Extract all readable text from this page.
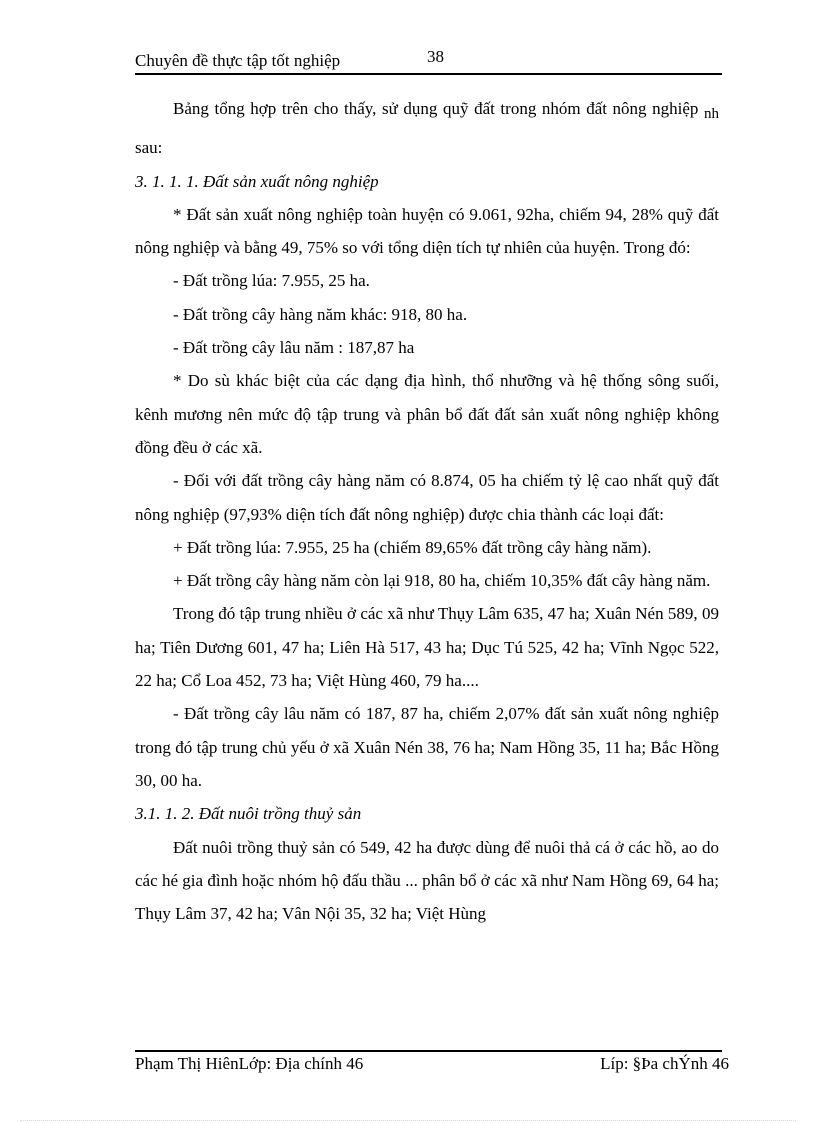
Chuyên đề thực tập tốt nghiệp	38

Bảng tổng hợp trên cho thấy, sử dụng quỹ đất trong nhóm đất nông nghiệp nh sau:

3. 1. 1. 1. Đất sản xuất nông nghiệp

* Đất sản xuất nông nghiệp toàn huyện có 9.061, 92ha, chiếm 94, 28% quỹ đất nông nghiệp và bằng 49, 75% so với tổng diện tích tự nhiên của huyện. Trong đó:

- Đất trồng lúa: 7.955, 25 ha.

- Đất trồng cây hàng năm khác: 918, 80 ha.

- Đất trồng cây lâu năm : 187,87 ha

* Do sù khác biệt của các dạng địa hình, thổ nhưỡng và hệ thống sông suối, kênh mương nên mức độ tập trung và phân bổ đất đất sản xuất nông nghiệp không đồng đều ở các xã.

- Đối với đất trồng cây hàng năm có 8.874, 05 ha chiếm tỷ lệ cao nhất quỹ đất nông nghiệp (97,93% diện tích đất nông nghiệp) được chia thành các loại đất:

+ Đất trồng lúa: 7.955, 25 ha (chiếm 89,65% đất trồng cây hàng năm).

+ Đất trồng cây hàng năm còn lại 918, 80 ha, chiếm 10,35% đất cây hàng năm.

Trong đó tập trung nhiều ở các xã như Thụy Lâm 635, 47 ha; Xuân Nén 589, 09 ha; Tiên Dương 601, 47 ha; Liên Hà 517, 43 ha; Dục Tú 525, 42 ha; Vĩnh Ngọc 522, 22 ha; Cổ Loa 452, 73 ha; Việt Hùng 460, 79 ha....

- Đất trồng cây lâu năm có 187, 87 ha, chiếm 2,07% đất sản xuất nông nghiệp trong đó tập trung chủ yếu ở xã Xuân Nén 38, 76 ha; Nam Hồng 35, 11 ha; Bắc Hồng 30, 00 ha.

3.1. 1. 2. Đất nuôi trồng thuỷ sản

Đất nuôi trồng thuỷ sản có 549, 42 ha được dùng để nuôi thả cá ở các hồ, ao do các hé gia đình hoặc nhóm hộ đấu thầu ... phân bổ ở các xã như Nam Hồng 69, 64 ha; Thụy Lâm 37, 42 ha; Vân Nội 35, 32 ha; Việt Hùng

Phạm Thị HiênLớp: Địa chính 46	Líp: §Þa chÝnh 46
